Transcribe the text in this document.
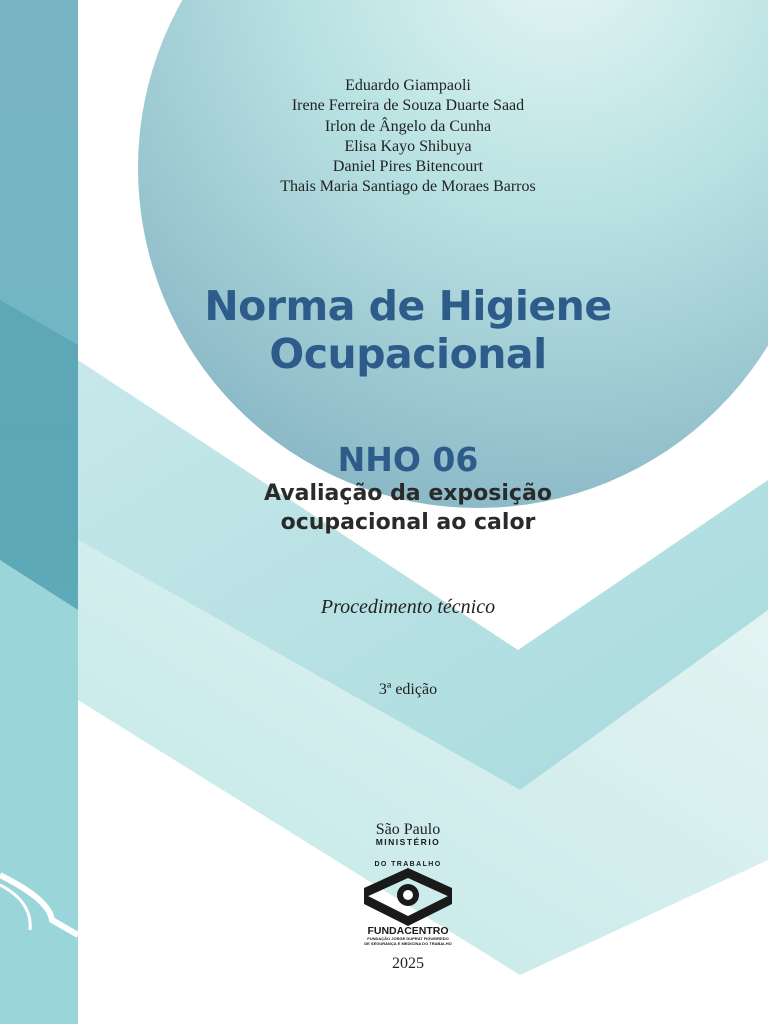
Eduardo Giampaoli
Irene Ferreira de Souza Duarte Saad
Irlon de Ângelo da Cunha
Elisa Kayo Shibuya
Daniel Pires Bitencourt
Thais Maria Santiago de Moraes Barros
Norma de Higiene
Ocupacional
NHO 06
Avaliação da exposição
ocupacional ao calor
Procedimento técnico
3ª edição
São Paulo
MINISTÉRIO
DO TRABALHO
FUNDACENTRO
FUNDAÇÃO JORGE DUPRAT FIGUEIREDO
DE SEGURANÇA E MEDICINA DO TRABALHO
2025
